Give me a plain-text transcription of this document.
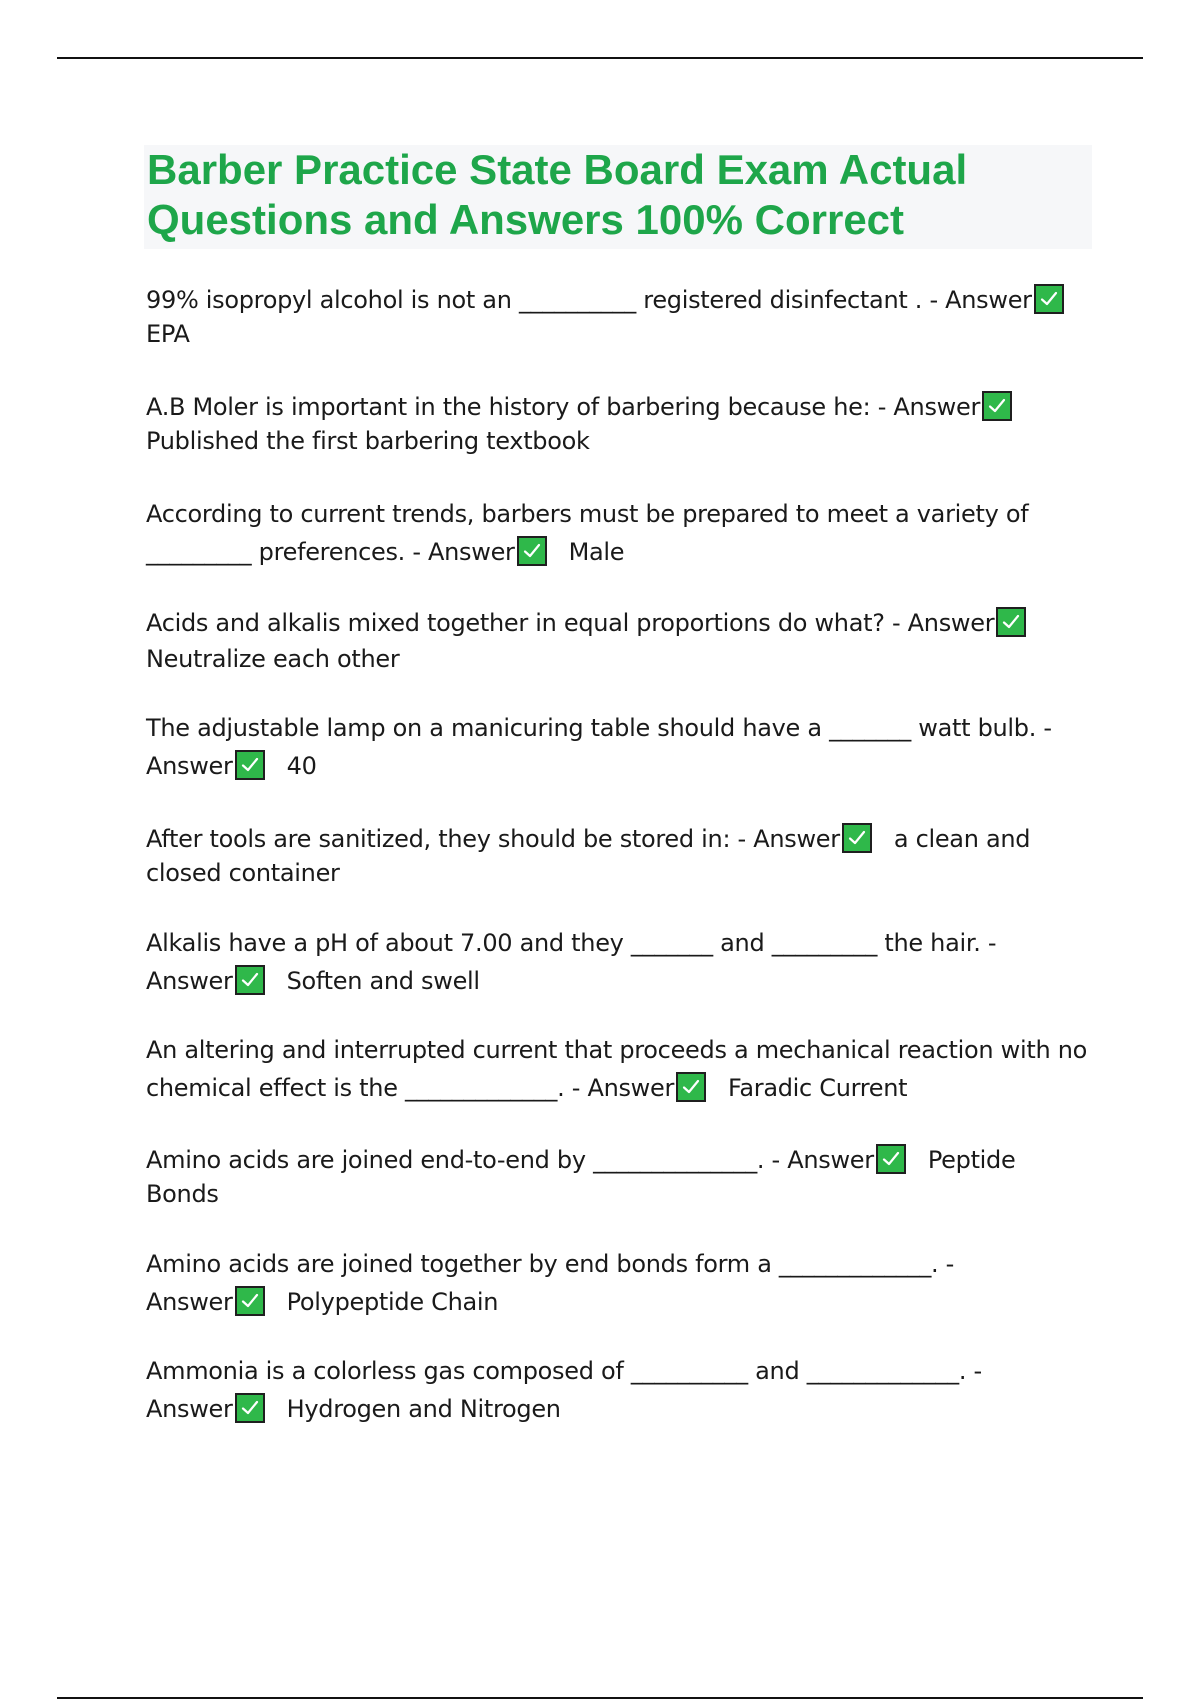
Barber Practice State Board Exam Actual

Questions and Answers 100% Correct

99% isopropyl alcohol is not an __________ registered disinfectant . - Answer
EPA
A.B Moler is important in the history of barbering because he: - Answer
Published the first barbering textbook
According to current trends, barbers must be prepared to meet a variety of
_________ preferences. - Answer Male
Acids and alkalis mixed together in equal proportions do what? - Answer
Neutralize each other
The adjustable lamp on a manicuring table should have a _______ watt bulb. -
Answer 40
After tools are sanitized, they should be stored in: - Answer a clean and
closed container
Alkalis have a pH of about 7.00 and they _______ and _________ the hair. -
Answer Soften and swell
An altering and interrupted current that proceeds a mechanical reaction with no
chemical effect is the _____________. - Answer Faradic Current
Amino acids are joined end-to-end by ______________. - Answer Peptide
Bonds
Amino acids are joined together by end bonds form a _____________. -
Answer Polypeptide Chain
Ammonia is a colorless gas composed of __________ and _____________. -
Answer Hydrogen and Nitrogen
